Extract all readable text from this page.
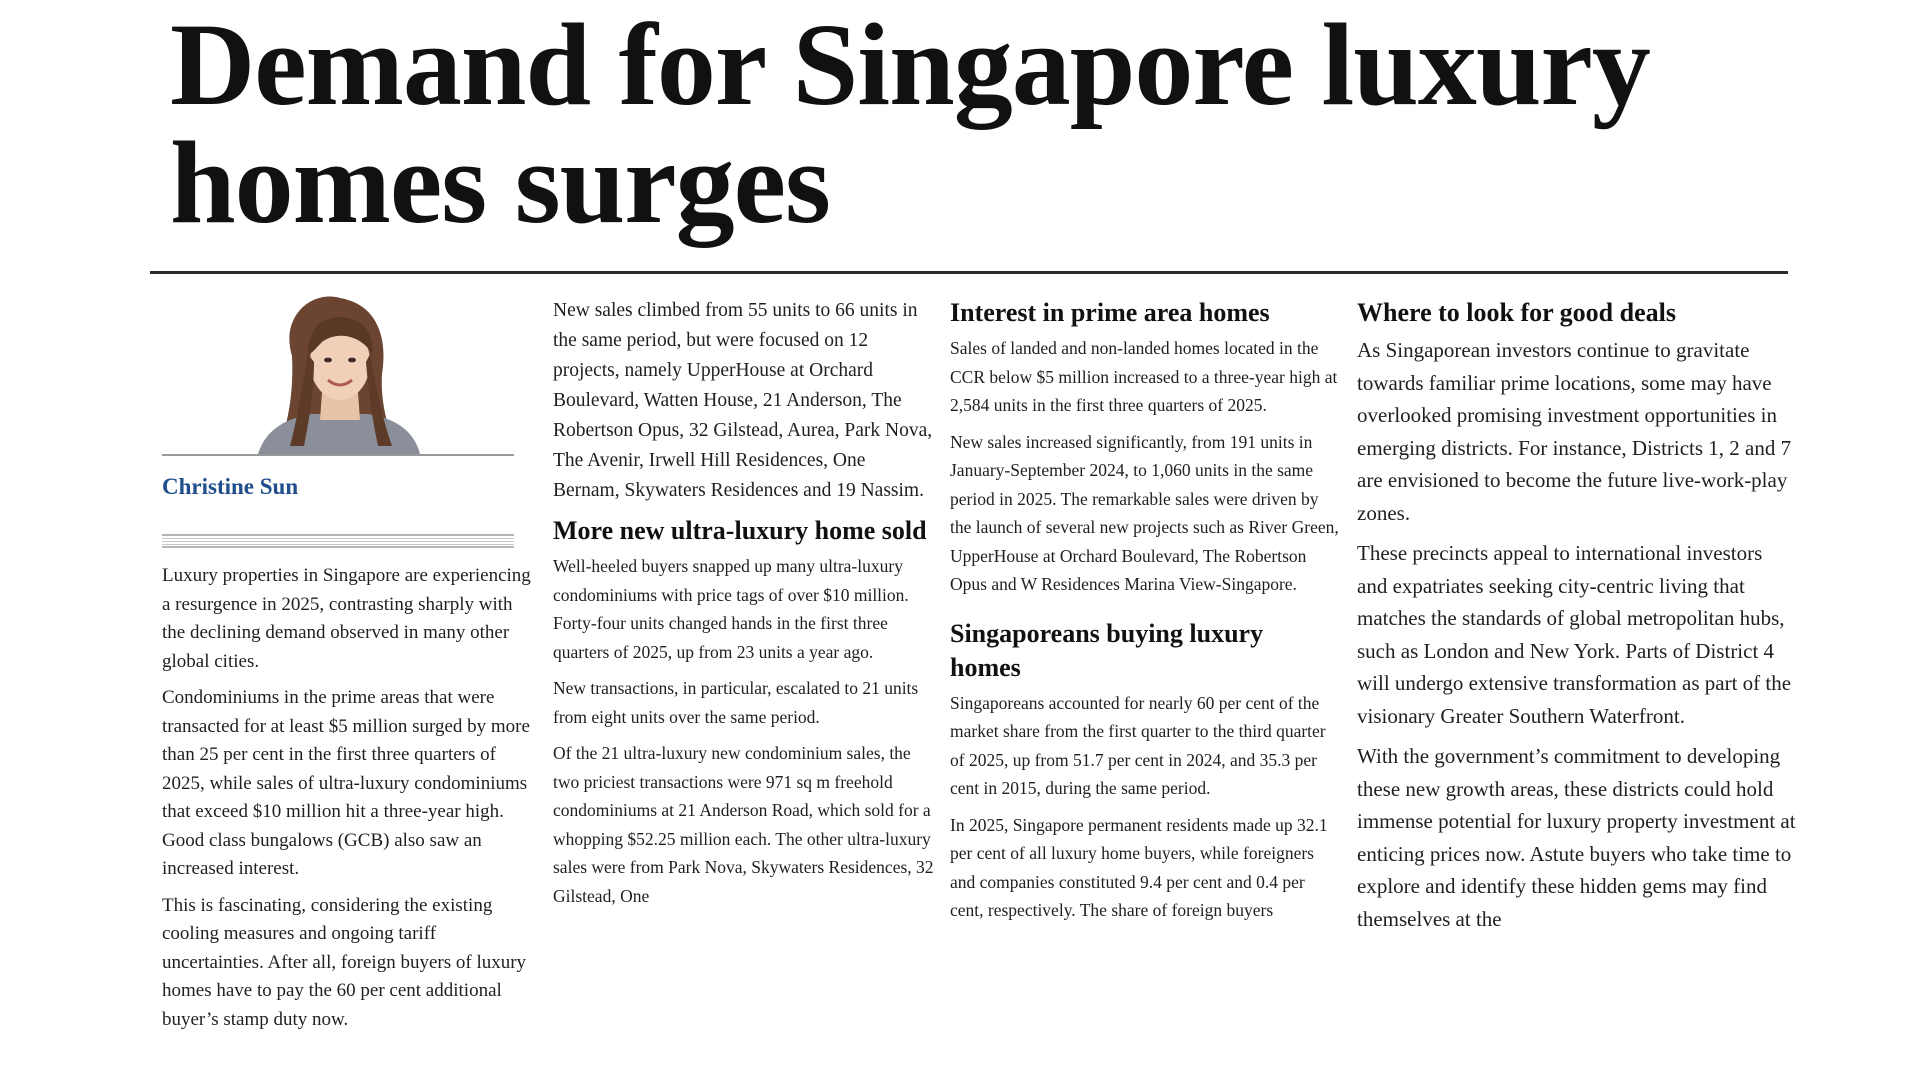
Demand for Singapore luxury
homes surges
Christine Sun

Luxury properties in Singapore are experiencing a resurgence in 2025, contrasting sharply with the declining demand observed in many other global cities.

Condominiums in the prime areas that were transacted for at least $5 million surged by more than 25 per cent in the first three quarters of 2025, while sales of ultra-luxury condominiums that exceed $10 million hit a three-year high. Good class bungalows (GCB) also saw an increased interest.

This is fascinating, considering the existing cooling measures and ongoing tariff uncertainties. After all, foreign buyers of luxury homes have to pay the 60 per cent additional buyer’s stamp duty now.

New sales climbed from 55 units to 66 units in the same period, but were focused on 12 projects, namely UpperHouse at Orchard Boulevard, Watten House, 21 Anderson, The Robertson Opus, 32 Gilstead, Aurea, Park Nova, The Avenir, Irwell Hill Residences, One Bernam, Skywaters Residences and 19 Nassim.

More new ultra-luxury home sold

Well-heeled buyers snapped up many ultra-luxury condominiums with price tags of over $10 million. Forty-four units changed hands in the first three quarters of 2025, up from 23 units a year ago.

New transactions, in particular, escalated to 21 units from eight units over the same period.

Of the 21 ultra-luxury new condominium sales, the two priciest transactions were 971 sq m freehold condominiums at 21 Anderson Road, which sold for a whopping $52.25 million each. The other ultra-luxury sales were from Park Nova, Skywaters Residences, 32 Gilstead, One

Interest in prime area homes

Sales of landed and non-landed homes located in the CCR below $5 million increased to a three-year high at 2,584 units in the first three quarters of 2025.

New sales increased significantly, from 191 units in January-September 2024, to 1,060 units in the same period in 2025. The remarkable sales were driven by the launch of several new projects such as River Green, UpperHouse at Orchard Boulevard, The Robertson Opus and W Residences Marina View-Singapore.

Singaporeans buying luxury homes

Singaporeans accounted for nearly 60 per cent of the market share from the first quarter to the third quarter of 2025, up from 51.7 per cent in 2024, and 35.3 per cent in 2015, during the same period.

In 2025, Singapore permanent residents made up 32.1 per cent of all luxury home buyers, while foreigners and companies constituted 9.4 per cent and 0.4 per cent, respectively. The share of foreign buyers

Where to look for good deals

As Singaporean investors continue to gravitate towards familiar prime locations, some may have overlooked promising investment opportunities in emerging districts. For instance, Districts 1, 2 and 7 are envisioned to become the future live-work-play zones.

These precincts appeal to international investors and expatriates seeking city-centric living that matches the standards of global metropolitan hubs, such as London and New York. Parts of District 4 will undergo extensive transformation as part of the visionary Greater Southern Waterfront.

With the government’s commitment to developing these new growth areas, these districts could hold immense potential for luxury property investment at enticing prices now. Astute buyers who take time to explore and identify these hidden gems may find themselves at the
